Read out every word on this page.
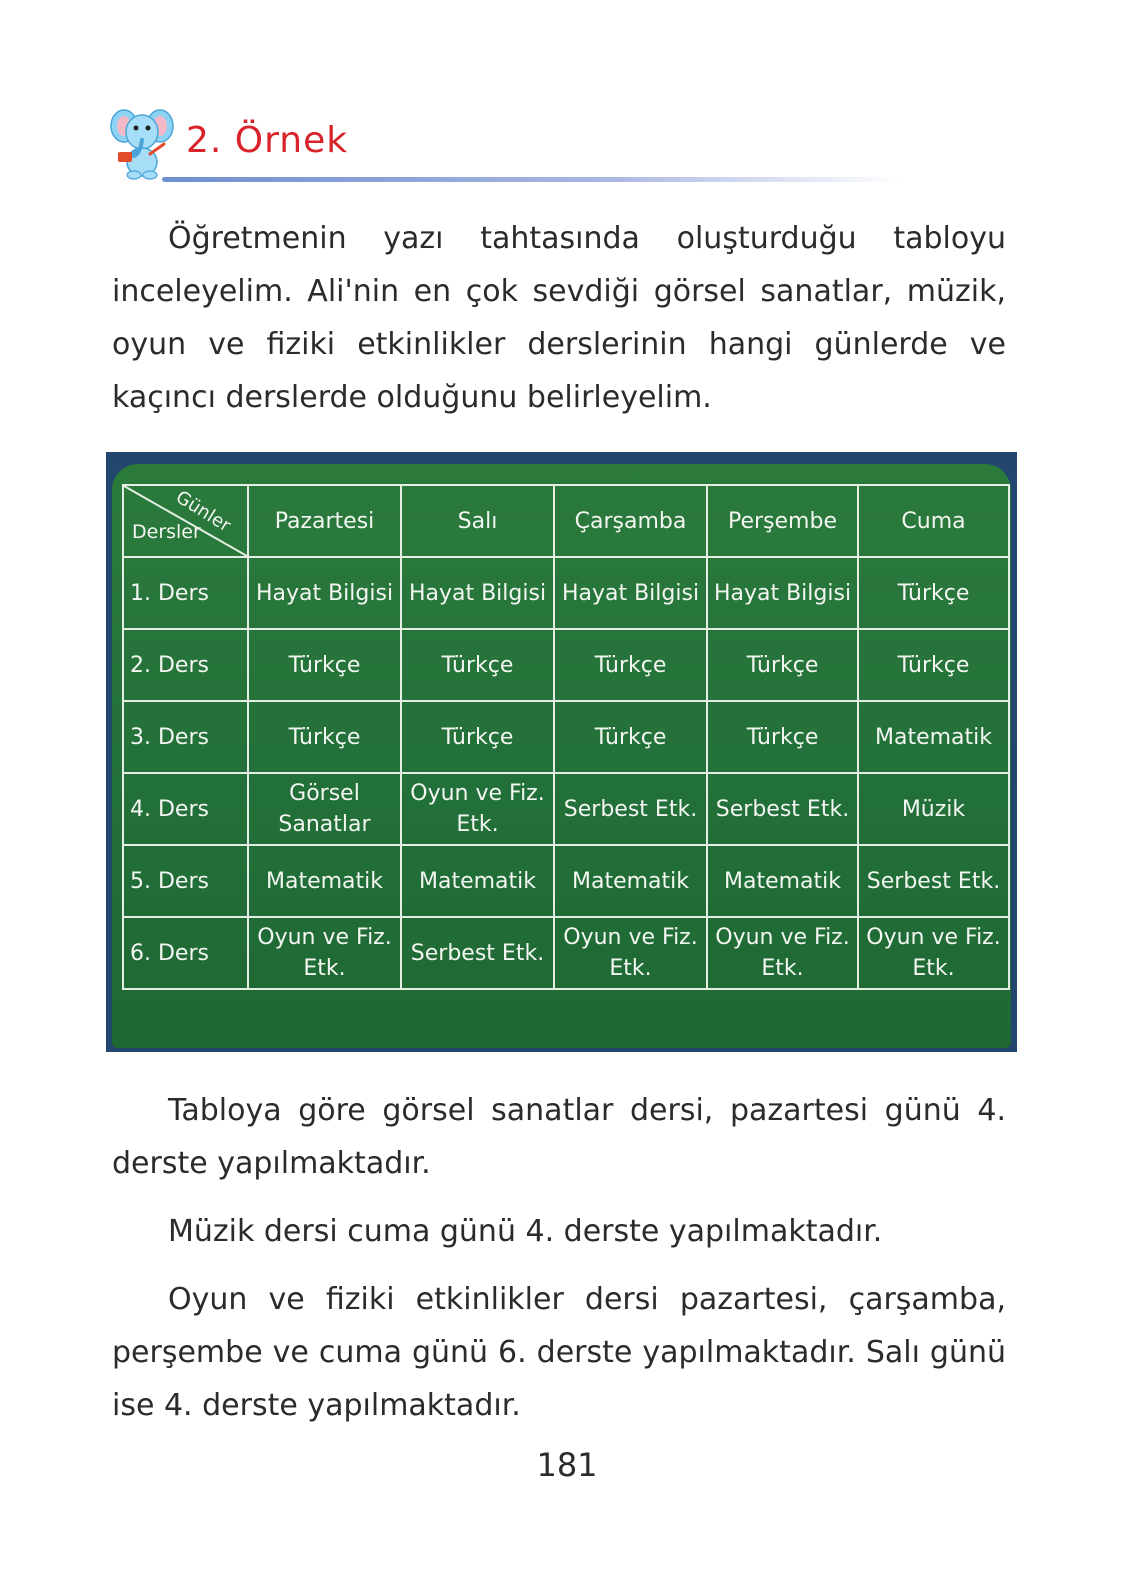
2. Örnek

Öğretmenin yazı tahtasında oluşturduğu tabloyu inceleyelim. Ali'nin en çok sevdiği görsel sanatlar, müzik, oyun ve fiziki etkinlikler derslerinin hangi günlerde ve kaçıncı derslerde olduğunu belirleyelim.

Günler
Dersler	Pazartesi	Salı	Çarşamba	Perşembe	Cuma
1. Ders	Hayat Bilgisi	Hayat Bilgisi	Hayat Bilgisi	Hayat Bilgisi	Türkçe
2. Ders	Türkçe	Türkçe	Türkçe	Türkçe	Türkçe
3. Ders	Türkçe	Türkçe	Türkçe	Türkçe	Matematik
4. Ders	Görsel Sanatlar	Oyun ve Fiz. Etk.	Serbest Etk.	Serbest Etk.	Müzik
5. Ders	Matematik	Matematik	Matematik	Matematik	Serbest Etk.
6. Ders	Oyun ve Fiz. Etk.	Serbest Etk.	Oyun ve Fiz. Etk.	Oyun ve Fiz. Etk.	Oyun ve Fiz. Etk.

Tabloya göre görsel sanatlar dersi, pazartesi günü 4. derste yapılmaktadır.

Müzik dersi cuma günü 4. derste yapılmaktadır.

Oyun ve fiziki etkinlikler dersi pazartesi, çarşamba, perşembe ve cuma günü 6. derste yapılmaktadır. Salı günü ise 4. derste yapılmaktadır.

181
